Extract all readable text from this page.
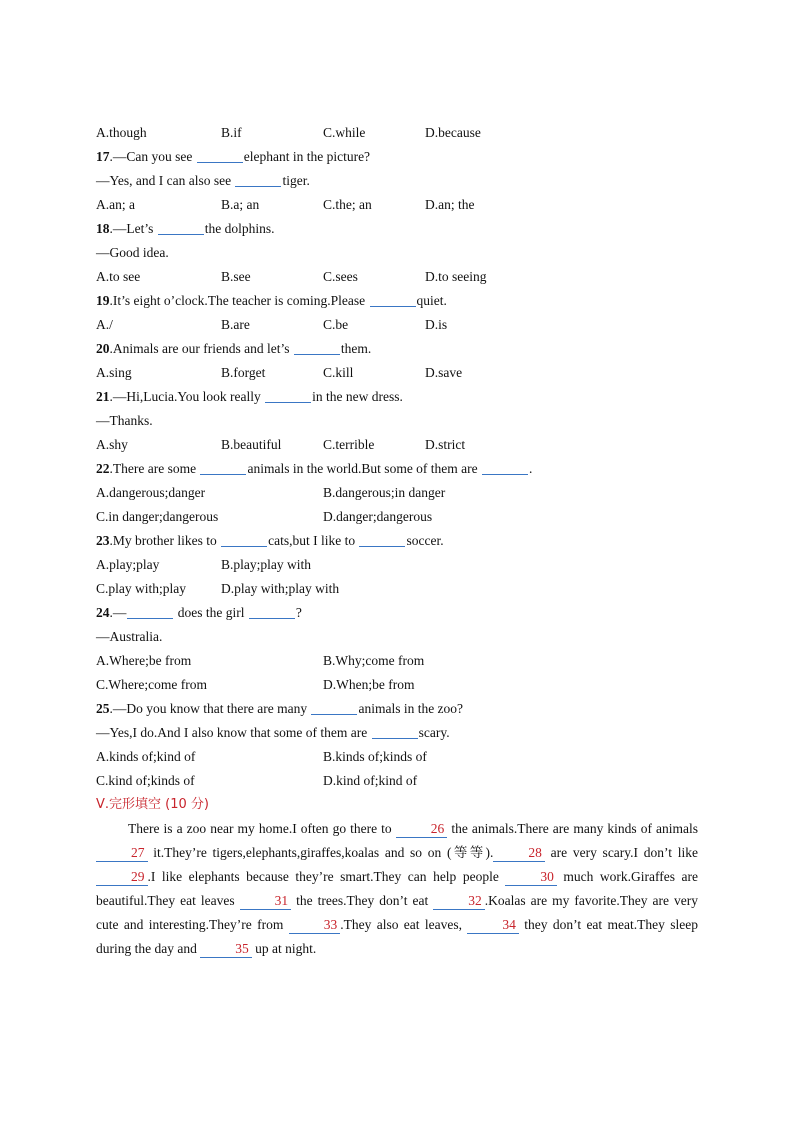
A.though	B.if	C.while	D.because
17.—Can you see	elephant in the picture?
—Yes, and I can also see	tiger.
A.an; a	B.a; an	C.the; an	D.an; the
18.—Let’s	the dolphins.
—Good idea.
A.to see	B.see	C.sees	D.to seeing
19.It’s eight o’clock.The teacher is coming.Please	quiet.
A./	B.are	C.be	D.is
20.Animals are our friends and let’s	them.
A.sing	B.forget	C.kill	D.save
21.—Hi,Lucia.You look really	in the new dress.
—Thanks.
A.shy	B.beautiful	C.terrible	D.strict
22.There are some	animals in the world.But some of them are	.
A.dangerous;danger	B.dangerous;in danger
C.in danger;dangerous	D.danger;dangerous
23.My brother likes to	cats,but I like to	soccer.
A.play;play	B.play;play with
C.play with;play	D.play with;play with
24.—	does the girl	?
—Australia.
A.Where;be from	B.Why;come from
C.Where;come from	D.When;be from
25.—Do you know that there are many	animals in the zoo?
—Yes,I do.And I also know that some of them are	scary.
A.kinds of;kind of	B.kinds of;kinds of
C.kind of;kinds of	D.kind of;kind of
Ⅴ.完形填空 (10 分)
There is a zoo near my home.I often go there to	26 the animals.There are many kinds of animals 27 it.They’re tigers,elephants,giraffes,koalas and so on (等等).	28 are very scary.I don’t like 29 .I like elephants because they’re smart.They can help people	30 much work.Giraffes are beautiful.They eat leaves	31 the trees.They don’t eat	32 .Koalas are my favorite.They are very cute and interesting.They’re from	33 .They also eat leaves,	34 they don’t eat meat.They sleep during the day and	35 up at night.
